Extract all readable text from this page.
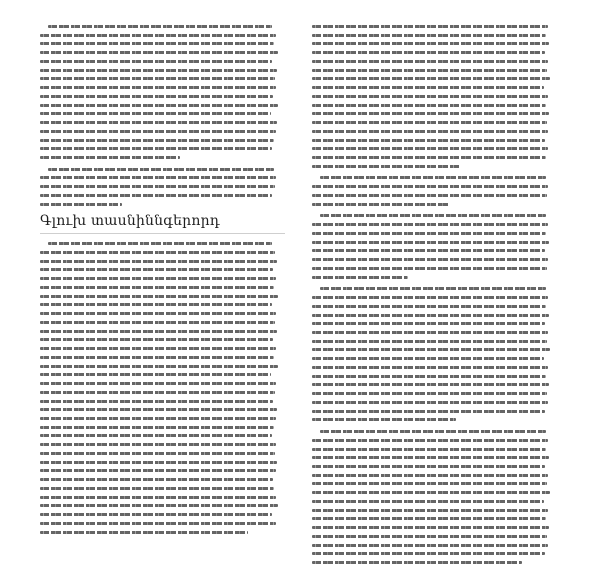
Գլուխ տասնիննգերորդ
